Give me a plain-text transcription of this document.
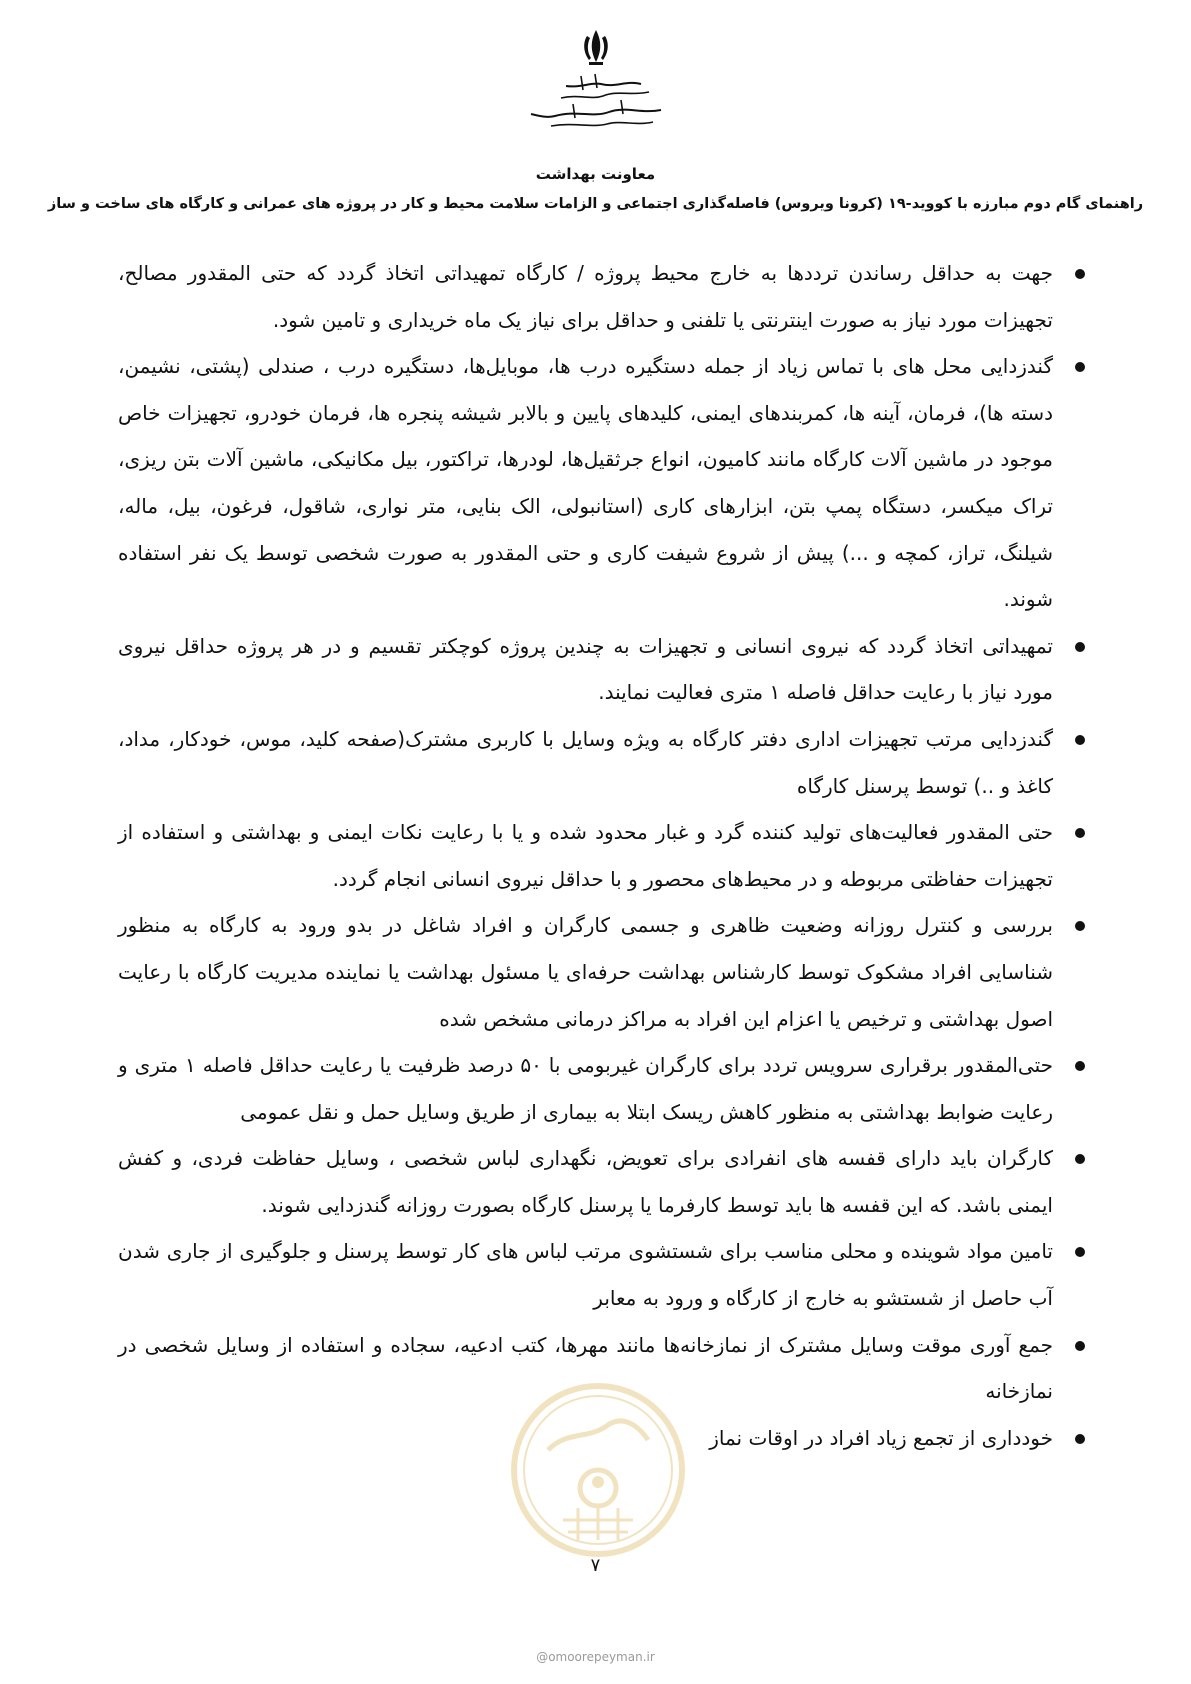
معاونت بهداشت
راهنمای گام دوم مبارزه با کووید-۱۹ (کرونا ویروس) فاصله‌گذاری اجتماعی و الزامات سلامت محیط و کار در پروژه های عمرانی و کارگاه های ساخت و ساز
جهت به حداقل رساندن ترددها به خارج محیط پروژه / کارگاه تمهیداتی اتخاذ گردد که حتی المقدور مصالح، تجهیزات مورد نیاز به صورت اینترنتی یا تلفنی و حداقل برای نیاز یک ماه خریداری و تامین شود.
گندزدایی محل های با تماس زیاد از جمله دستگیره درب ها، موبایل‌ها، دستگیره درب ، صندلی (پشتی، نشیمن، دسته ها)، فرمان، آینه ها، کمربندهای ایمنی، کلیدهای پایین و بالابر شیشه پنجره ها، فرمان خودرو، تجهیزات خاص موجود در ماشین آلات کارگاه مانند کامیون، انواع جرثقیل‌ها، لودرها، تراکتور، بیل مکانیکی، ماشین آلات بتن ریزی، تراک میکسر، دستگاه پمپ بتن، ابزارهای کاری (استانبولی، الک بنایی، متر نواری، شاقول، فرغون، بیل، ماله، شیلنگ، تراز، کمچه و ...) پیش از شروع شیفت کاری و حتی المقدور به صورت شخصی توسط یک نفر استفاده شوند.
تمهیداتی اتخاذ گردد که نیروی انسانی و تجهیزات به چندین پروژه کوچکتر تقسیم و در هر پروژه حداقل نیروی مورد نیاز با رعایت حداقل فاصله ۱ متری فعالیت نمایند.
گندزدایی مرتب تجهیزات اداری دفتر کارگاه به ویژه وسایل با کاربری مشترک(صفحه کلید، موس، خودکار، مداد، کاغذ و ..) توسط پرسنل کارگاه
حتی المقدور فعالیت‌های تولید کننده گرد و غبار محدود شده و یا با رعایت نکات ایمنی و بهداشتی و استفاده از تجهیزات حفاظتی مربوطه و در محیط‌های محصور و با حداقل نیروی انسانی انجام گردد.
بررسی و کنترل روزانه وضعیت ظاهری و جسمی کارگران و افراد شاغل در بدو ورود به کارگاه به منظور شناسایی افراد مشکوک توسط کارشناس بهداشت حرفه‌ای یا مسئول بهداشت یا نماینده مدیریت کارگاه با رعایت اصول بهداشتی و ترخیص یا اعزام این افراد به مراکز درمانی مشخص شده
حتی‌المقدور برقراری سرویس تردد برای کارگران غیربومی با ۵۰ درصد ظرفیت یا رعایت حداقل فاصله ۱ متری و رعایت ضوابط بهداشتی به منظور کاهش ریسک ابتلا به بیماری از طریق وسایل حمل و نقل عمومی
کارگران باید دارای قفسه های انفرادی برای تعویض، نگهداری لباس شخصی ، وسایل حفاظت فردی، و کفش ایمنی باشد. که این قفسه ها باید توسط کارفرما یا پرسنل کارگاه بصورت روزانه گندزدایی شوند.
تامین مواد شوینده و محلی مناسب برای شستشوی مرتب لباس های کار توسط پرسنل و جلوگیری از جاری شدن آب حاصل از شستشو به خارج از کارگاه و ورود به معابر
جمع آوری موقت وسایل مشترک از نمازخانه‌ها مانند مهرها، کتب ادعیه، سجاده و استفاده از وسایل شخصی در نمازخانه
خودداری از تجمع زیاد افراد در اوقات نماز
۷
@omoorepeyman.ir
